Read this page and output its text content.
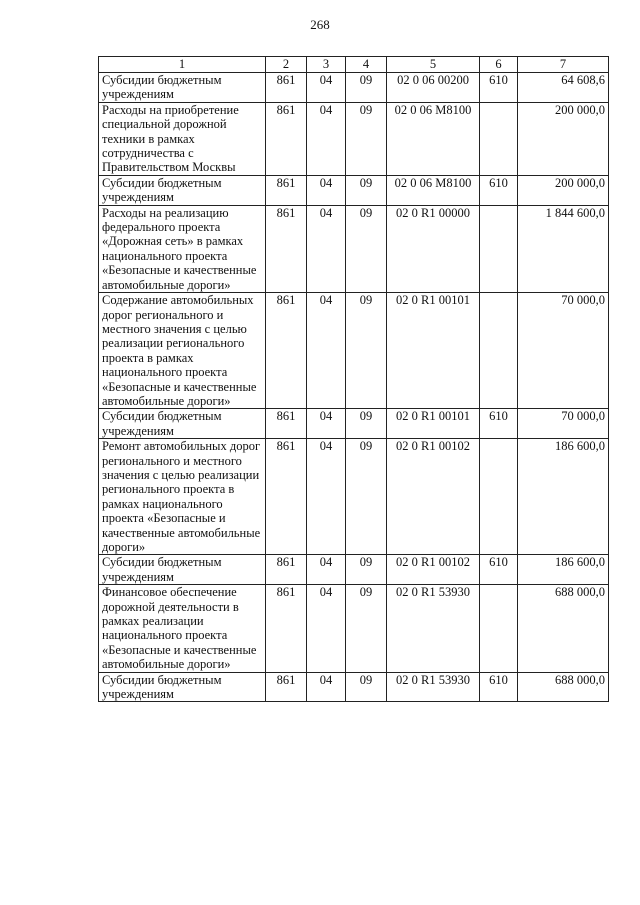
268
1	2	3	4	5	6	7
Субсидии бюджетным учреждениям	861	04	09	02 0 06 00200	610	64 608,6
Расходы на приобретение специальной дорожной техники в рамках сотрудничества с Правительством Москвы	861	04	09	02 0 06 М8100		200 000,0
Субсидии бюджетным учреждениям	861	04	09	02 0 06 М8100	610	200 000,0
Расходы на реализацию федерального проекта «Дорожная сеть» в рамках национального проекта «Безопасные и качественные автомобильные дороги»	861	04	09	02 0 R1 00000		1 844 600,0
Содержание автомобильных дорог регионального и местного значения с целью реализации регионального проекта в рамках национального проекта «Безопасные и качественные автомобильные дороги»	861	04	09	02 0 R1 00101		70 000,0
Субсидии бюджетным учреждениям	861	04	09	02 0 R1 00101	610	70 000,0
Ремонт автомобильных дорог регионального и местного значения с целью реализации регионального проекта в рамках национального проекта «Безопасные и качественные автомобильные дороги»	861	04	09	02 0 R1 00102		186 600,0
Субсидии бюджетным учреждениям	861	04	09	02 0 R1 00102	610	186 600,0
Финансовое обеспечение дорожной деятельности в рамках реализации национального проекта «Безопасные и качественные автомобильные дороги»	861	04	09	02 0 R1 53930		688 000,0
Субсидии бюджетным учреждениям	861	04	09	02 0 R1 53930	610	688 000,0
